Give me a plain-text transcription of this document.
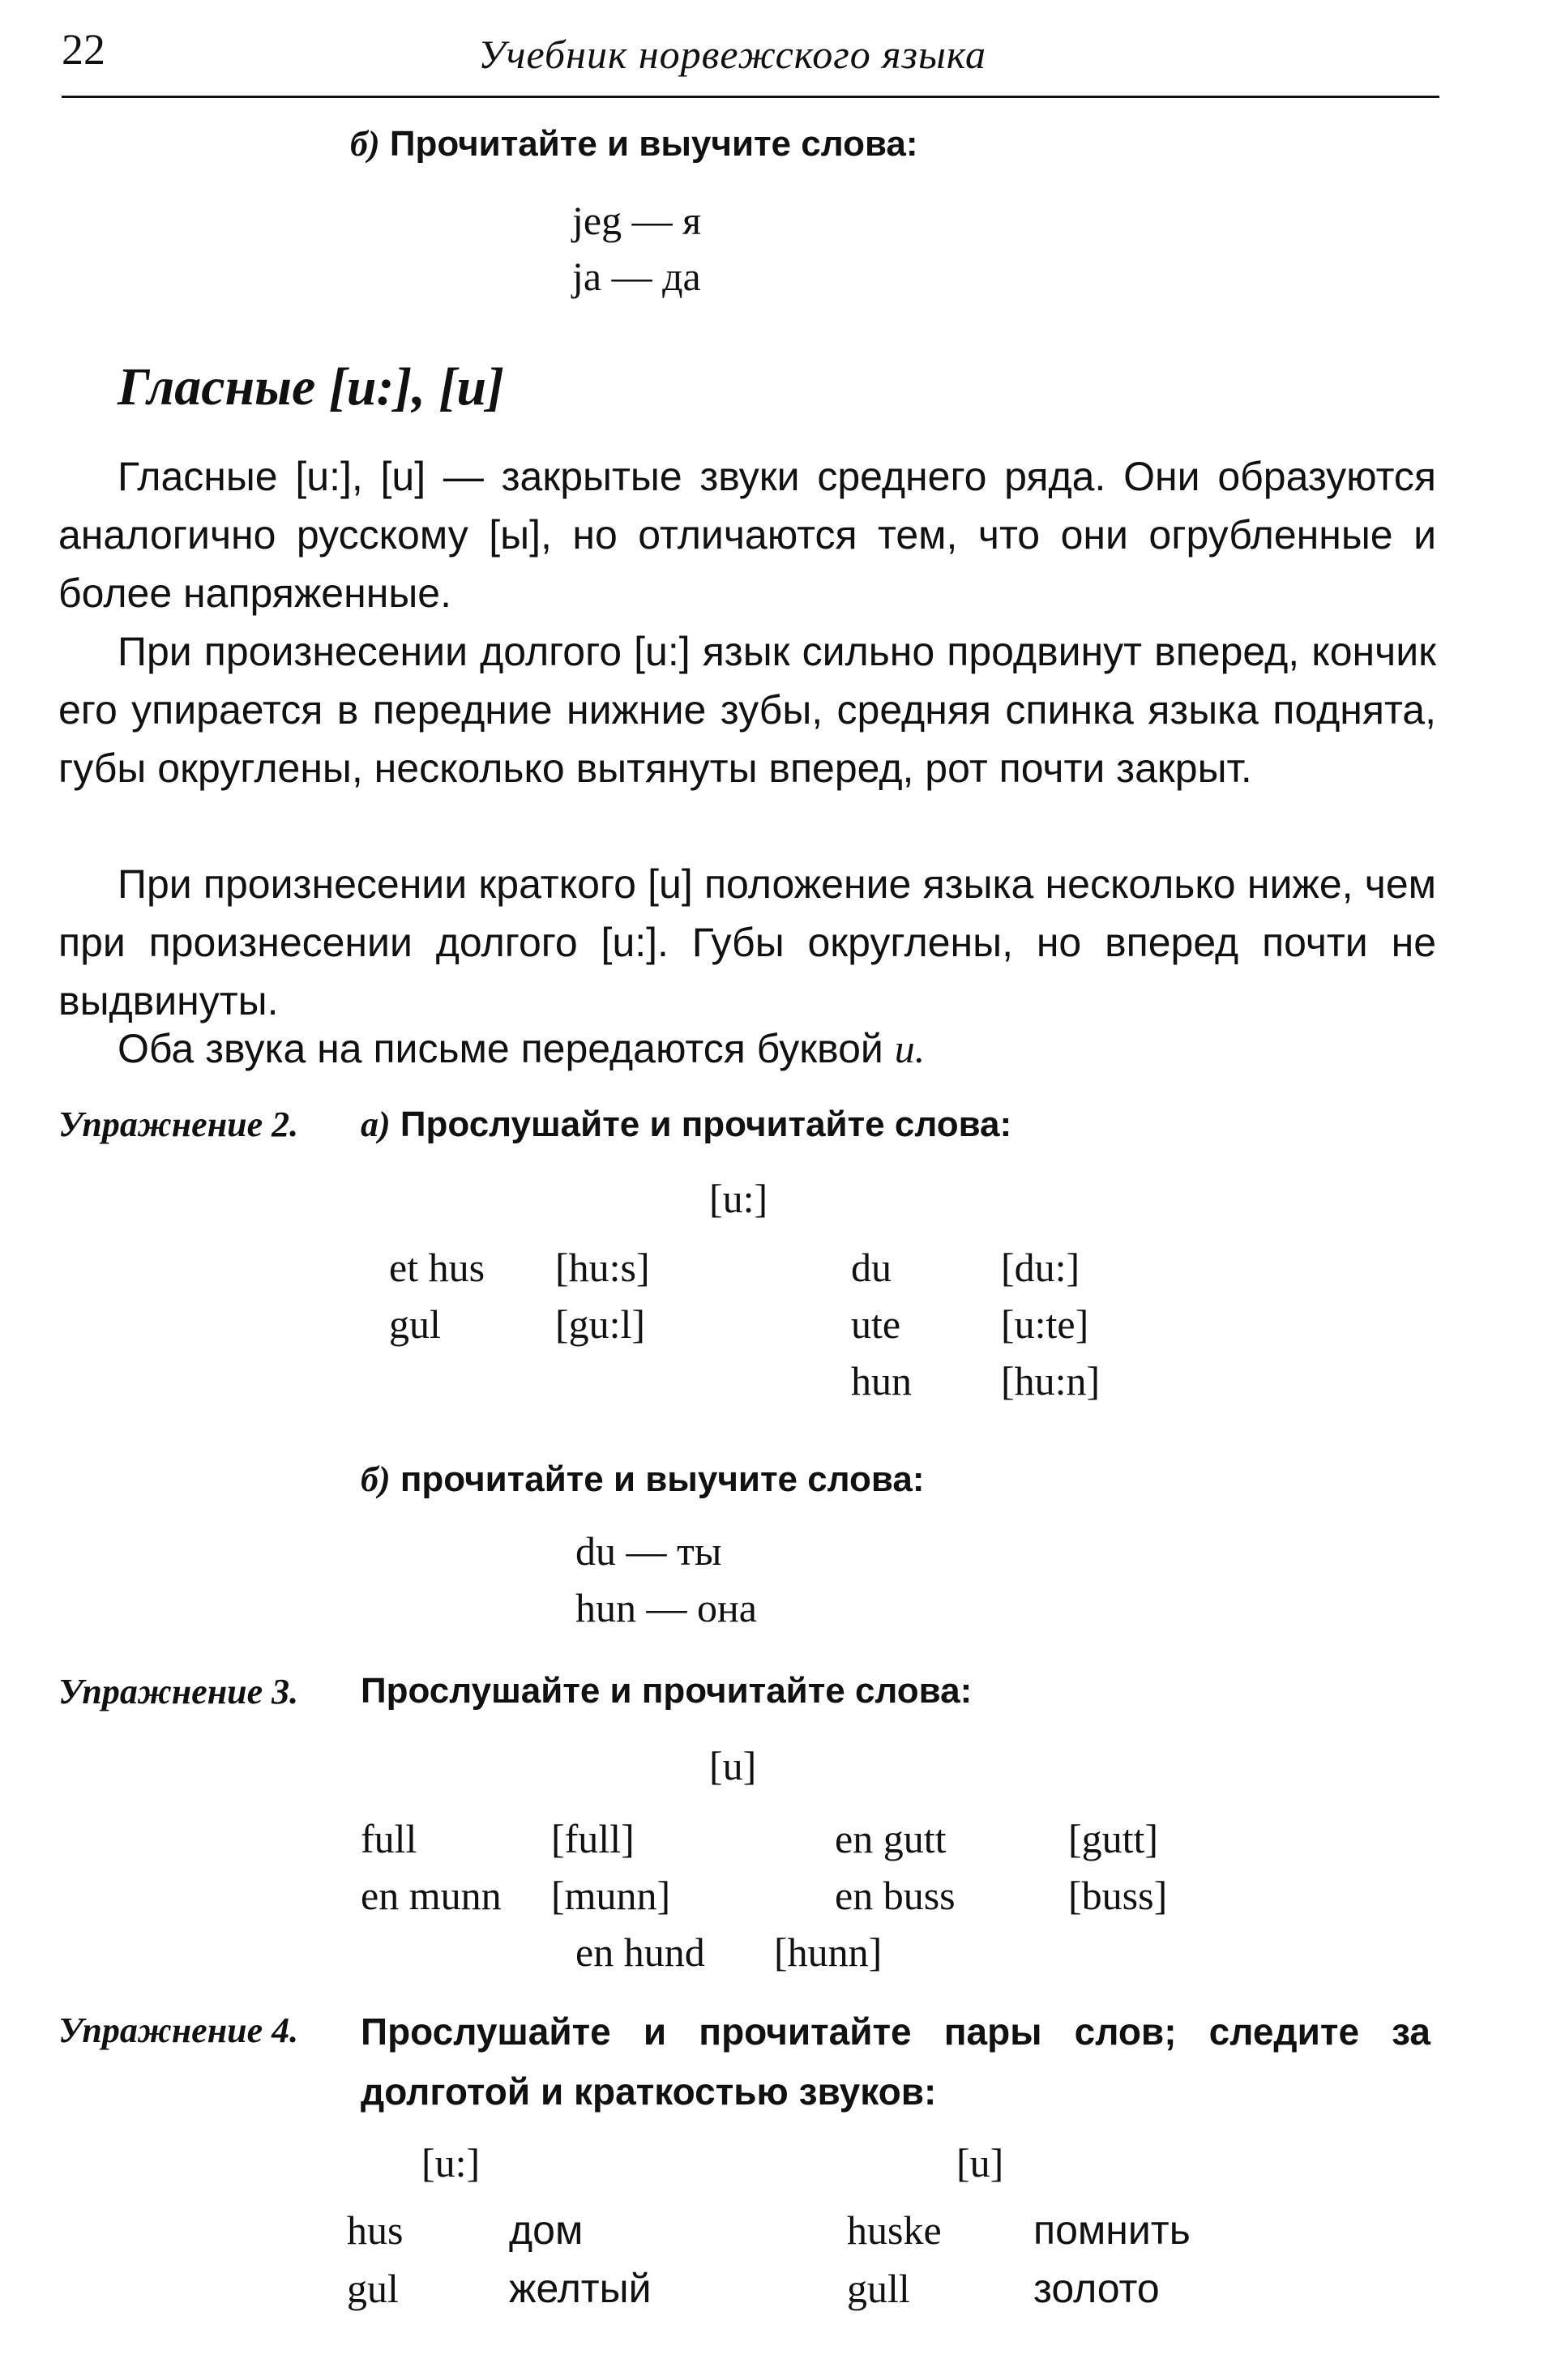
22	Учебник норвежского языка
б) Прочитайте и выучите слова:
jeg — я
ja — да
Гласные [u:], [u]

Гласные [u:], [u] — закрытые звуки среднего ряда. Они образуются аналогично русскому [ы], но отличаются тем, что они огрубленные и более напряженные.

При произнесении долгого [u:] язык сильно продвинут вперед, кончик его упирается в передние нижние зубы, средняя спинка языка поднята, губы округлены, несколько вытянуты вперед, рот почти закрыт.

При произнесении краткого [u] положение языка несколько ниже, чем при произнесении долгого [u:]. Губы округлены, но вперед почти не выдвинуты.

Оба звука на письме передаются буквой u.

Упражнение 2. а) Прослушайте и прочитайте слова:
[u:]
et hus [hu:s]
gul	[gu:l]
du	[du:]
ute [u:te]
hun [hu:n]
б) прочитайте и выучите слова:
du — ты
hun — она
Упражнение 3. Прослушайте и прочитайте слова:
[u]
full	[full]
en munn [munn]
en gutt	[gutt]
en buss	[buss]
en hund [hunn]
Упражнение 4. Прослушайте и прочитайте пары слов; следите за долготой и краткостью звуков:

[u:]	[u]
hus	дом	huske помнить
gul	желтый	gull	золото
